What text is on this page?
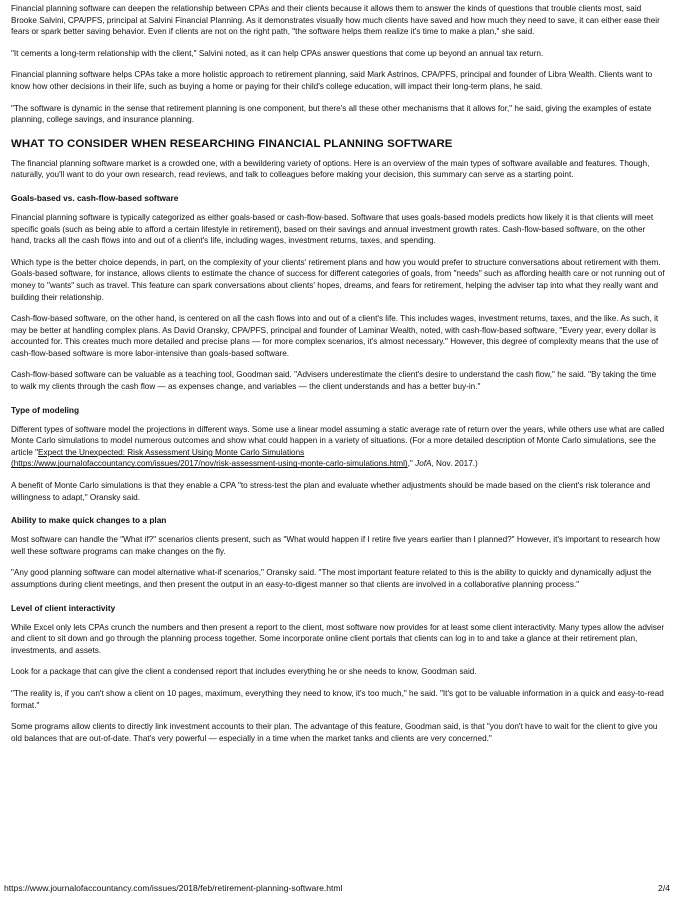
Financial planning software can deepen the relationship between CPAs and their clients because it allows them to answer the kinds of questions that trouble clients most, said Brooke Salvini, CPA/PFS, principal at Salvini Financial Planning. As it demonstrates visually how much clients have saved and how much they need to save, it can either ease their fears or spark better saving behavior. Even if clients are not on the right path, "the software helps them realize it's time to make a plan," she said.

"It cements a long-term relationship with the client," Salvini noted, as it can help CPAs answer questions that come up beyond an annual tax return.

Financial planning software helps CPAs take a more holistic approach to retirement planning, said Mark Astrinos, CPA/PFS, principal and founder of Libra Wealth. Clients want to know how other decisions in their life, such as buying a home or paying for their child's college education, will impact their long-term plans, he said.

"The software is dynamic in the sense that retirement planning is one component, but there's all these other mechanisms that it allows for," he said, giving the examples of estate planning, college savings, and insurance planning.

WHAT TO CONSIDER WHEN RESEARCHING FINANCIAL PLANNING SOFTWARE

The financial planning software market is a crowded one, with a bewildering variety of options. Here is an overview of the main types of software available and features. Though, naturally, you'll want to do your own research, read reviews, and talk to colleagues before making your decision, this summary can serve as a starting point.

Goals-based vs. cash-flow-based software

Financial planning software is typically categorized as either goals-based or cash-flow-based. Software that uses goals-based models predicts how likely it is that clients will meet specific goals (such as being able to afford a certain lifestyle in retirement), based on their savings and annual investment growth rates. Cash-flow-based software, on the other hand, tracks all the cash flows into and out of a client's life, including wages, investment returns, taxes, and spending.

Which type is the better choice depends, in part, on the complexity of your clients' retirement plans and how you would prefer to structure conversations about retirement with them. Goals-based software, for instance, allows clients to estimate the chance of success for different categories of goals, from "needs" such as affording health care or not running out of money to "wants" such as travel. This feature can spark conversations about clients' hopes, dreams, and fears for retirement, helping the adviser tap into what they really want and building their relationship.

Cash-flow-based software, on the other hand, is centered on all the cash flows into and out of a client's life. This includes wages, investment returns, taxes, and the like. As such, it may be better at handling complex plans. As David Oransky, CPA/PFS, principal and founder of Laminar Wealth, noted, with cash-flow-based software, "Every year, every dollar is accounted for. This creates much more detailed and precise plans — for more complex scenarios, it's almost necessary." However, this degree of complexity means that the use of cash-flow-based software is more labor-intensive than goals-based software.

Cash-flow-based software can be valuable as a teaching tool, Goodman said. "Advisers underestimate the client's desire to understand the cash flow," he said. "By taking the time to walk my clients through the cash flow — as expenses change, and variables — the client understands and has a better buy-in."

Type of modeling

Different types of software model the projections in different ways. Some use a linear model assuming a static average rate of return over the years, while others use what are called Monte Carlo simulations to model numerous outcomes and show what could happen in a variety of situations. (For a more detailed description of Monte Carlo simulations, see the article "Expect the Unexpected: Risk Assessment Using Monte Carlo Simulations
(https://www.journalofaccountancy.com/issues/2017/nov/risk-assessment-using-monte-carlo-simulations.html)," JofA, Nov. 2017.)

A benefit of Monte Carlo simulations is that they enable a CPA "to stress-test the plan and evaluate whether adjustments should be made based on the client's risk tolerance and willingness to adapt," Oransky said.

Ability to make quick changes to a plan

Most software can handle the "What if?" scenarios clients present, such as "What would happen if I retire five years earlier than I planned?" However, it's important to research how well these software programs can make changes on the fly.

"Any good planning software can model alternative what-if scenarios," Oransky said. "The most important feature related to this is the ability to quickly and dynamically adjust the assumptions during client meetings, and then present the output in an easy-to-digest manner so that clients are involved in a collaborative planning process."

Level of client interactivity

While Excel only lets CPAs crunch the numbers and then present a report to the client, most software now provides for at least some client interactivity. Many types allow the adviser and client to sit down and go through the planning process together. Some incorporate online client portals that clients can log in to and take a glance at their retirement plan, investments, and assets.

Look for a package that can give the client a condensed report that includes everything he or she needs to know, Goodman said.

"The reality is, if you can't show a client on 10 pages, maximum, everything they need to know, it's too much," he said. "It's got to be valuable information in a quick and easy-to-read format."

Some programs allow clients to directly link investment accounts to their plan. The advantage of this feature, Goodman said, is that "you don't have to wait for the client to give you old balances that are out-of-date. That's very powerful — especially in a time when the market tanks and clients are very concerned."

https://www.journalofaccountancy.com/issues/2018/feb/retirement-planning-software.html	2/4
